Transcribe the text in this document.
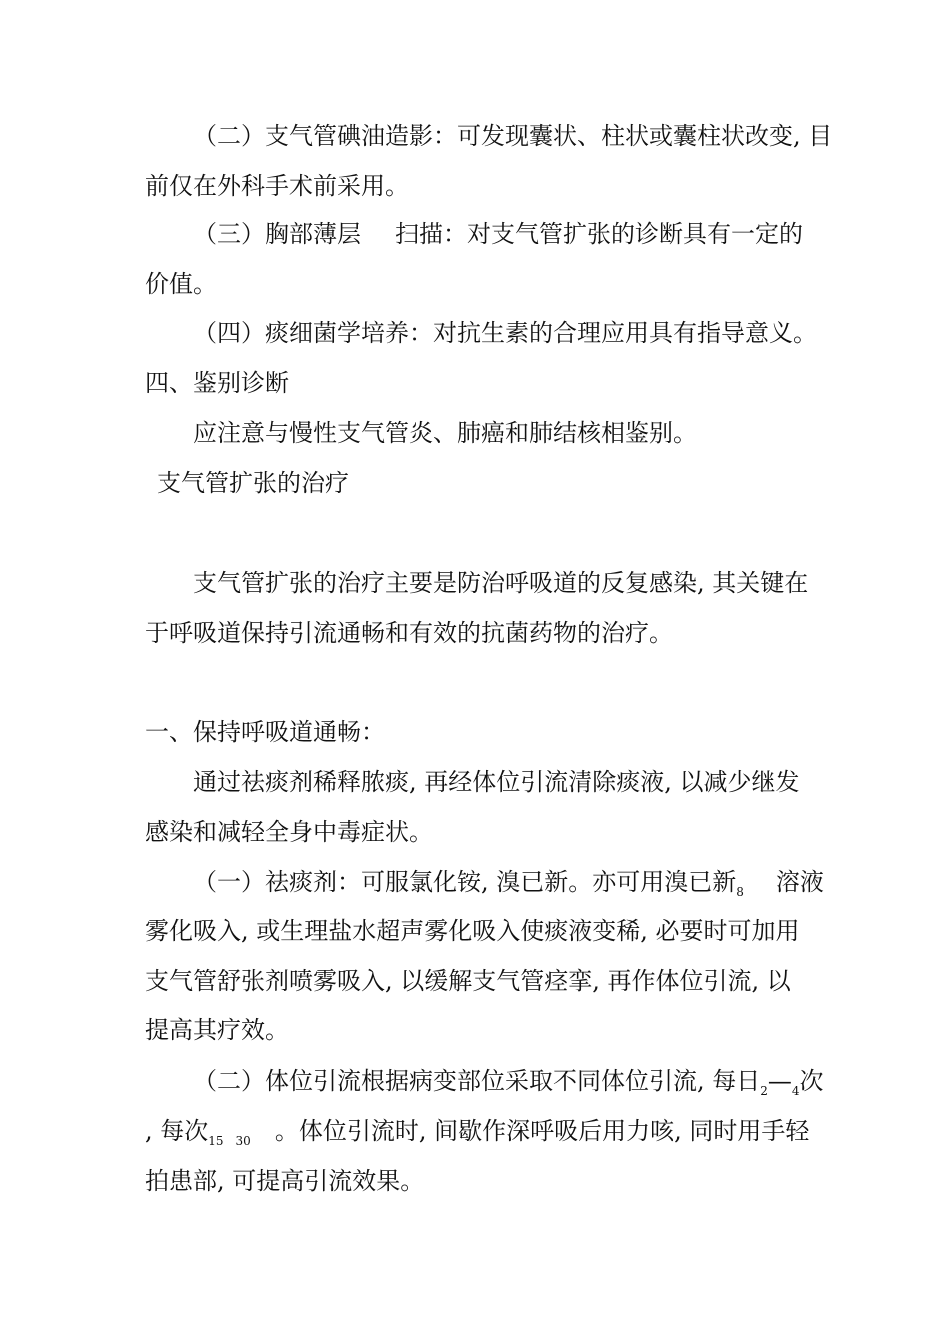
（二）支气管碘油造影：可发现囊状、柱状或囊柱状改变, 目
前仅在外科手术前采用。
（三）胸部薄层 扫描：对支气管扩张的诊断具有一定的
价值。
（四）痰细菌学培养：对抗生素的合理应用具有指导意义。
四、鉴别诊断
应注意与慢性支气管炎、肺癌和肺结核相鉴别。
支气管扩张的治疗
支气管扩张的治疗主要是防治呼吸道的反复感染, 其关键在
于呼吸道保持引流通畅和有效的抗菌药物的治疗。
一、保持呼吸道通畅：
通过祛痰剂稀释脓痰, 再经体位引流清除痰液, 以减少继发
感染和减轻全身中毒症状。
（一）祛痰剂：可服氯化铵, 溴已新。亦可用溴已新$_8$ 溶液
雾化吸入, 或生理盐水超声雾化吸入使痰液变稀, 必要时可加用
支气管舒张剂喷雾吸入, 以缓解支气管痉挛, 再作体位引流, 以
提高其疗效。
（二）体位引流根据病变部位采取不同体位引流, 每日$_2—_4$次
, 每次$_{15}$ $_{30}$ 。体位引流时, 间歇作深呼吸后用力咳, 同时用手轻
拍患部, 可提高引流效果。
